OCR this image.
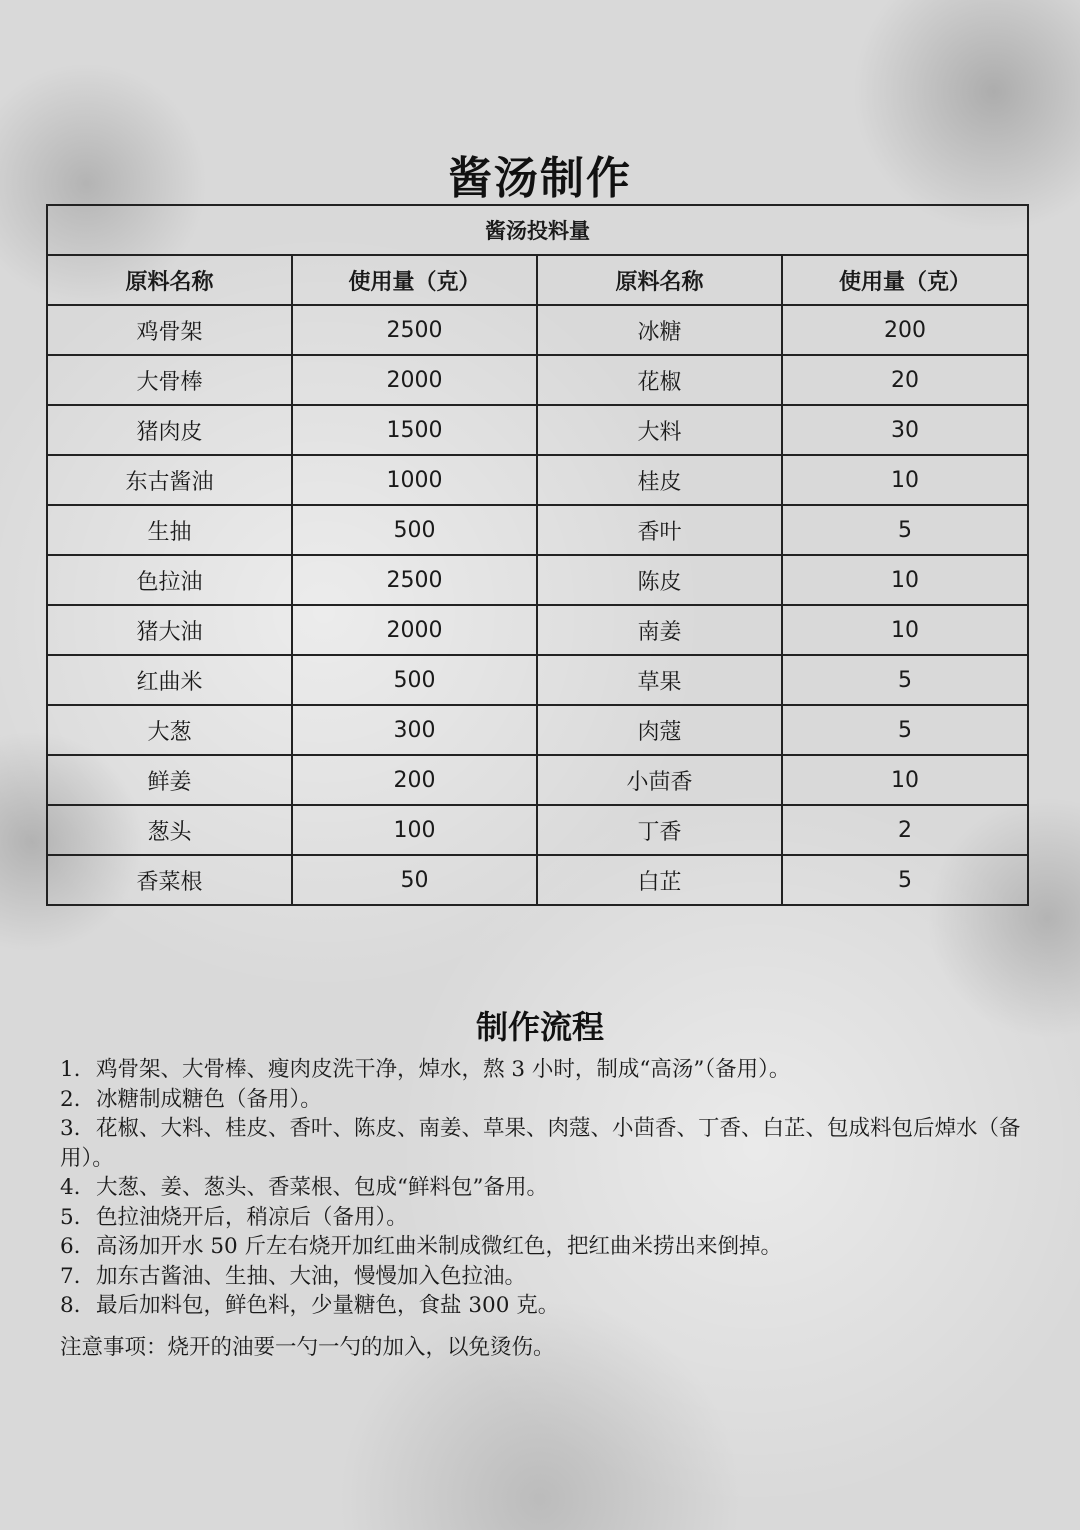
酱汤制作
酱汤投料量			
原料名称	使用量（克）	原料名称	使用量（克）
鸡骨架	2500	冰糖	200
大骨棒	2000	花椒	20
猪肉皮	1500	大料	30
东古酱油	1000	桂皮	10
生抽	500	香叶	5
色拉油	2500	陈皮	10
猪大油	2000	南姜	10
红曲米	500	草果	5
大葱	300	肉蔻	5
鲜姜	200	小茴香	10
葱头	100	丁香	2
香菜根	50	白芷	5
制作流程
1. 鸡骨架、大骨棒、瘦肉皮洗干净，焯水，熬 3 小时，制成“高汤”（备用）。
2. 冰糖制成糖色（备用）。
3. 花椒、大料、桂皮、香叶、陈皮、南姜、草果、肉蔻、小茴香、丁香、白芷、包成料包后焯水（备用）。
4. 大葱、姜、葱头、香菜根、包成“鲜料包”备用。
5. 色拉油烧开后，稍凉后（备用）。
6. 高汤加开水 50 斤左右烧开加红曲米制成微红色，把红曲米捞出来倒掉。
7. 加东古酱油、生抽、大油，慢慢加入色拉油。
8. 最后加料包，鲜色料，少量糖色，食盐 300 克。
注意事项：烧开的油要一勺一勺的加入，以免烫伤。
